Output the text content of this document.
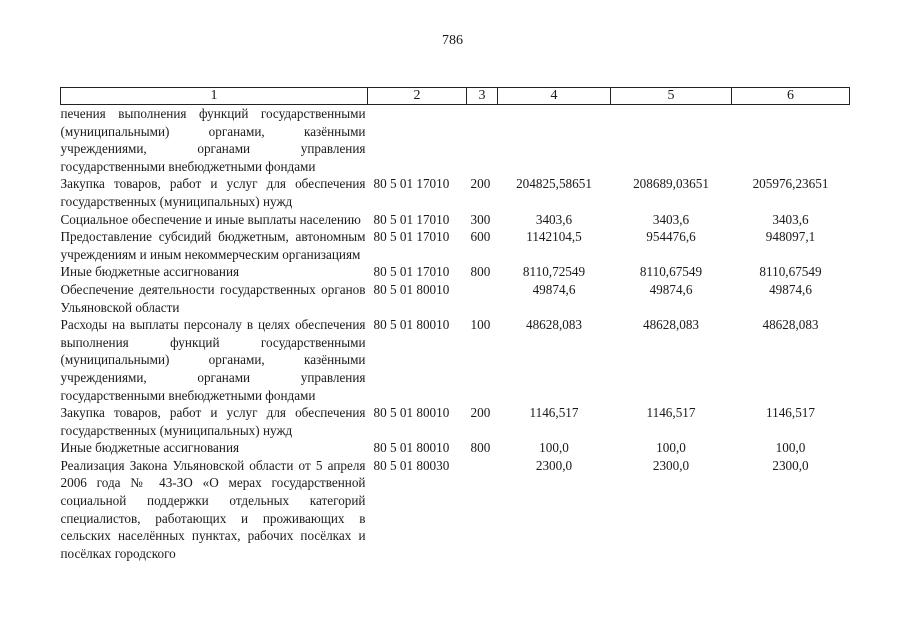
786
1	2	3	4	5	6
печения выполнения функций государственными (муниципальными) органами, казёнными учреждениями, органами управления государственными внебюджетными фондами					
Закупка товаров, работ и услуг для обеспечения государственных (муниципальных) нужд	80 5 01 17010	200	204825,58651	208689,03651	205976,23651
Социальное обеспечение и иные выплаты населению	80 5 01 17010	300	3403,6	3403,6	3403,6
Предоставление субсидий бюджетным, автономным учреждениям и иным некоммерческим организациям	80 5 01 17010	600	1142104,5	954476,6	948097,1
Иные бюджетные ассигнования	80 5 01 17010	800	8110,72549	8110,67549	8110,67549
Обеспечение деятельности государственных органов Ульяновской области	80 5 01 80010		49874,6	49874,6	49874,6
Расходы на выплаты персоналу в целях обеспечения выполнения функций государственными (муниципальными) органами, казёнными учреждениями, органами управления государственными внебюджетными фондами	80 5 01 80010	100	48628,083	48628,083	48628,083
Закупка товаров, работ и услуг для обеспечения государственных (муниципальных) нужд	80 5 01 80010	200	1146,517	1146,517	1146,517
Иные бюджетные ассигнования	80 5 01 80010	800	100,0	100,0	100,0
Реализация Закона Ульяновской области от 5 апреля 2006 года № 43-ЗО «О мерах государственной социальной поддержки отдельных категорий специалистов, работающих и проживающих в сельских населённых пунктах, рабочих посёлках и посёлках городского	80 5 01 80030		2300,0	2300,0	2300,0
